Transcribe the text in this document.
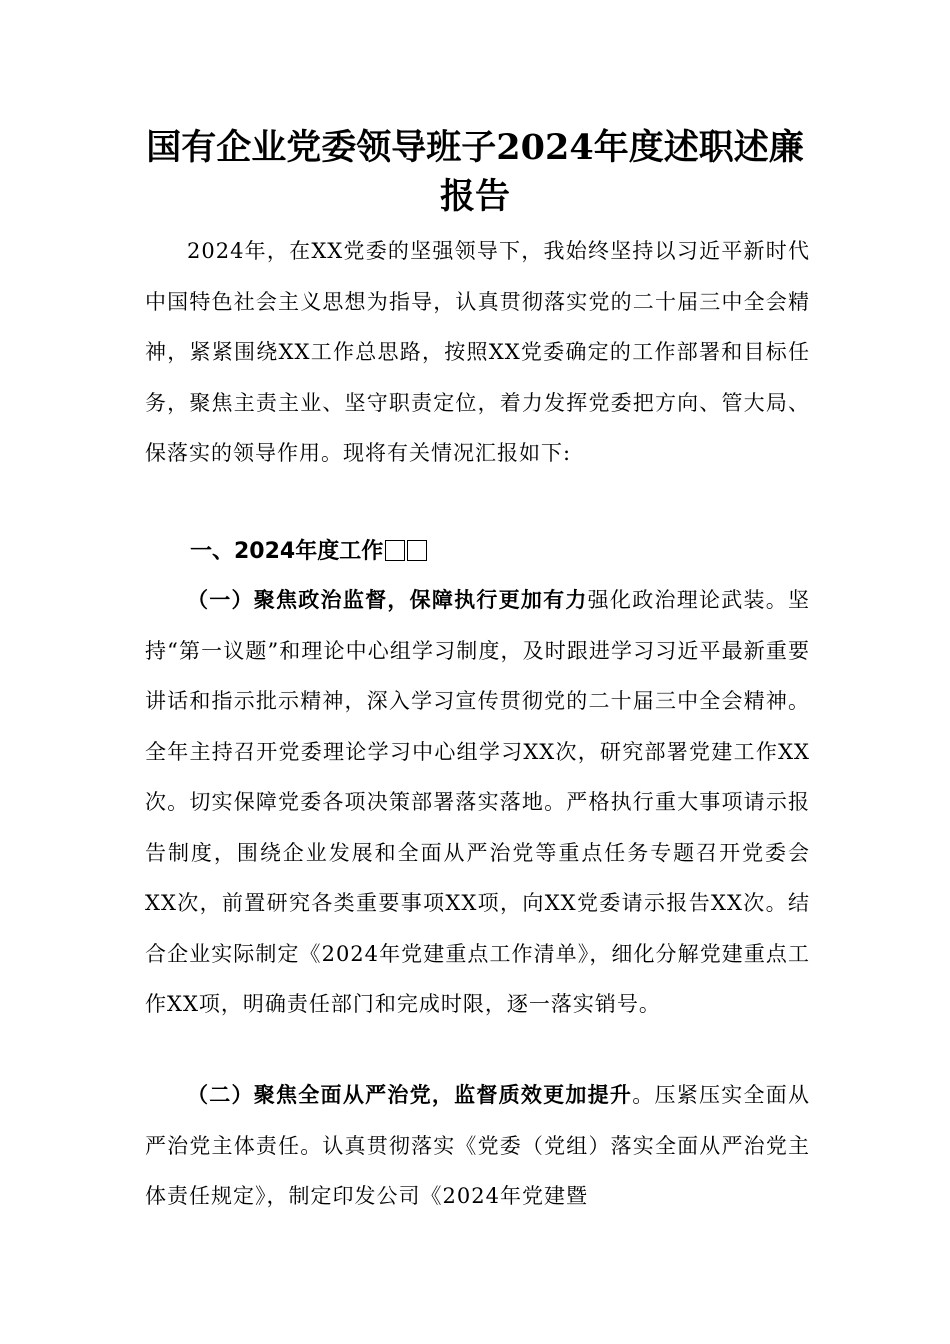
国有企业党委领导班子2024年度述职述廉
报告

2024年，在XX党委的坚强领导下，我始终坚持以习近平新时代中国特色社会主义思想为指导，认真贯彻落实党的二十届三中全会精神，紧紧围绕XX工作总思路，按照XX党委确定的工作部署和目标任务，聚焦主责主业、坚守职责定位，着力发挥党委把方向、管大局、保落实的领导作用。现将有关情况汇报如下:

一、2024年度工作

（一）聚焦政治监督，保障执行更加有力强化政治理论武装。坚持“第一议题”和理论中心组学习制度，及时跟进学习习近平最新重要讲话和指示批示精神，深入学习宣传贯彻党的二十届三中全会精神。全年主持召开党委理论学习中心组学习XX次，研究部署党建工作XX次。切实保障党委各项决策部署落实落地。严格执行重大事项请示报告制度，围绕企业发展和全面从严治党等重点任务专题召开党委会XX次，前置研究各类重要事项XX项，向XX党委请示报告XX次。结合企业实际制定《2024年党建重点工作清单》，细化分解党建重点工作XX项，明确责任部门和完成时限，逐一落实销号。

（二）聚焦全面从严治党，监督质效更加提升。压紧压实全面从严治党主体责任。认真贯彻落实《党委（党组）落实全面从严治党主体责任规定》，制定印发公司《2024年党建暨
